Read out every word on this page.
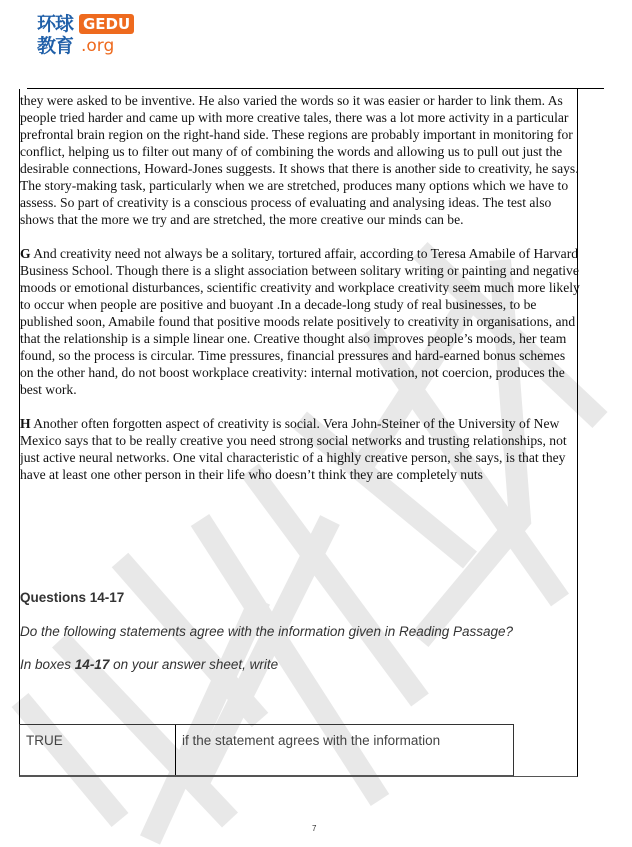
环球
教育
GEDU
.org

they were asked to be inventive. He also varied the words so it was easier or harder to link them. As people tried harder and came up with more creative tales, there was a lot more activity in a particular prefrontal brain region on the right-hand side. These regions are probably important in monitoring for conflict, helping us to filter out many of of combining the words and allowing us to pull out just the desirable connections, Howard-Jones suggests. It shows that there is another side to creativity, he says. The story-making task, particularly when we are stretched, produces many options which we have to assess. So part of creativity is a conscious process of evaluating and analysing ideas. The test also shows that the more we try and are stretched, the more creative our minds can be.

G And creativity need not always be a solitary, tortured affair, according to Teresa Amabile of Harvard Business School. Though there is a slight association between solitary writing or painting and negative moods or emotional disturbances, scientific creativity and workplace creativity seem much more likely to occur when people are positive and buoyant .In a decade-long study of real businesses, to be published soon, Amabile found that positive moods relate positively to creativity in organisations, and that the relationship is a simple linear one. Creative thought also improves people’s moods, her team found, so the process is circular. Time pressures, financial pressures and hard-earned bonus schemes on the other hand, do not boost workplace creativity: internal motivation, not coercion, produces the best work.

H Another often forgotten aspect of creativity is social. Vera John-Steiner of the University of New Mexico says that to be really creative you need strong social networks and trusting relationships, not just active neural networks. One vital characteristic of a highly creative person, she says, is that they have at least one other person in their life who doesn’t think they are completely nuts

Questions 14-17
Do the following statements agree with the information given in Reading Passage?
In boxes 14-17 on your answer sheet, write
TRUE	if the statement agrees with the information
7
